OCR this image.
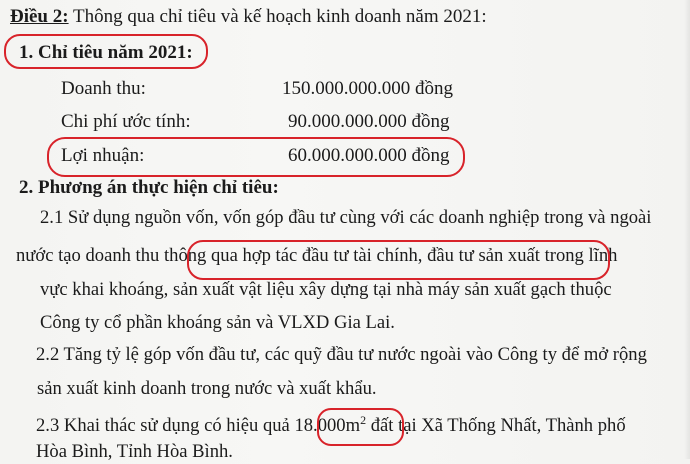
Điều 2: Thông qua chỉ tiêu và kế hoạch kinh doanh năm 2021:
1. Chỉ tiêu năm 2021:
Doanh thu:	150.000.000.000 đồng
Chi phí ước tính:	90.000.000.000 đồng
Lợi nhuận:	60.000.000.000 đồng
2. Phương án thực hiện chỉ tiêu:
2.1 Sử dụng nguồn vốn, vốn góp đầu tư cùng với các doanh nghiệp trong và ngoài
nước tạo doanh thu thông qua hợp tác đầu tư tài chính, đầu tư sản xuất trong lĩnh
vực khai khoáng, sản xuất vật liệu xây dựng tại nhà máy sản xuất gạch thuộc
Công ty cổ phần khoáng sản và VLXD Gia Lai.
2.2 Tăng tỷ lệ góp vốn đầu tư, các quỹ đầu tư nước ngoài vào Công ty để mở rộng
sản xuất kinh doanh trong nước và xuất khẩu.
2.3 Khai thác sử dụng có hiệu quả $18.000m^2$ đất tại Xã Thống Nhất, Thành phố
Hòa Bình, Tỉnh Hòa Bình.
